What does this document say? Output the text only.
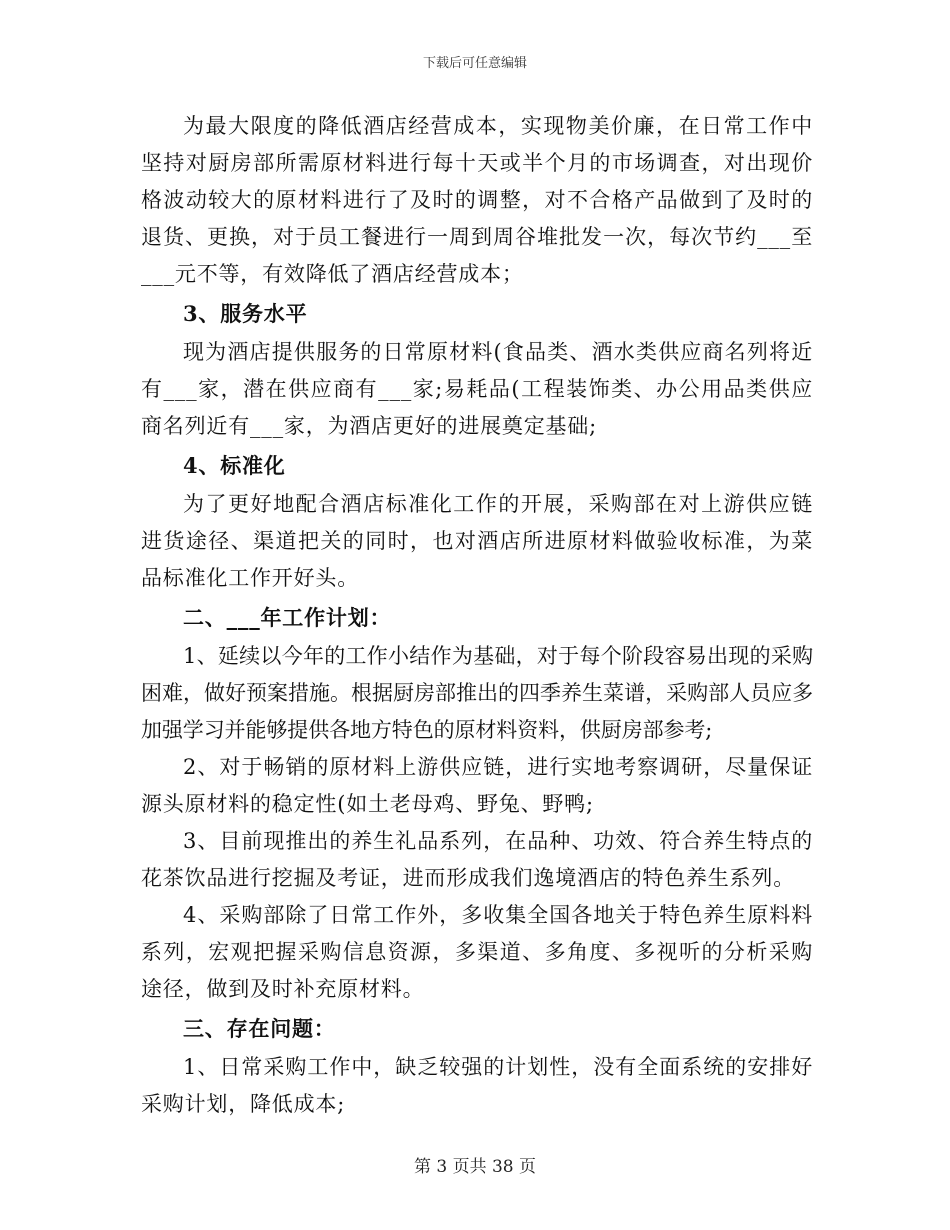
下载后可任意编辑

为最大限度的降低酒店经营成本，实现物美价廉，在日常工作中坚持对厨房部所需原材料进行每十天或半个月的市场调查，对出现价格波动较大的原材料进行了及时的调整，对不合格产品做到了及时的退货、更换，对于员工餐进行一周到周谷堆批发一次，每次节约___至___元不等，有效降低了酒店经营成本；

3、服务水平

现为酒店提供服务的日常原材料(食品类、酒水类供应商名列将近有___家，潜在供应商有___家;易耗品(工程装饰类、办公用品类供应商名列近有___家，为酒店更好的进展奠定基础;

4、标准化

为了更好地配合酒店标准化工作的开展，采购部在对上游供应链进货途径、渠道把关的同时，也对酒店所进原材料做验收标准，为菜品标准化工作开好头。

二、___年工作计划：

1、延续以今年的工作小结作为基础，对于每个阶段容易出现的采购困难，做好预案措施。根据厨房部推出的四季养生菜谱，采购部人员应多加强学习并能够提供各地方特色的原材料资料，供厨房部参考;

2、对于畅销的原材料上游供应链，进行实地考察调研，尽量保证源头原材料的稳定性(如土老母鸡、野兔、野鸭;

3、目前现推出的养生礼品系列，在品种、功效、符合养生特点的花茶饮品进行挖掘及考证，进而形成我们逸境酒店的特色养生系列。

4、采购部除了日常工作外，多收集全国各地关于特色养生原料料系列，宏观把握采购信息资源，多渠道、多角度、多视听的分析采购途径，做到及时补充原材料。

三、存在问题：

1、日常采购工作中，缺乏较强的计划性，没有全面系统的安排好采购计划，降低成本;

第 3 页共 38 页
